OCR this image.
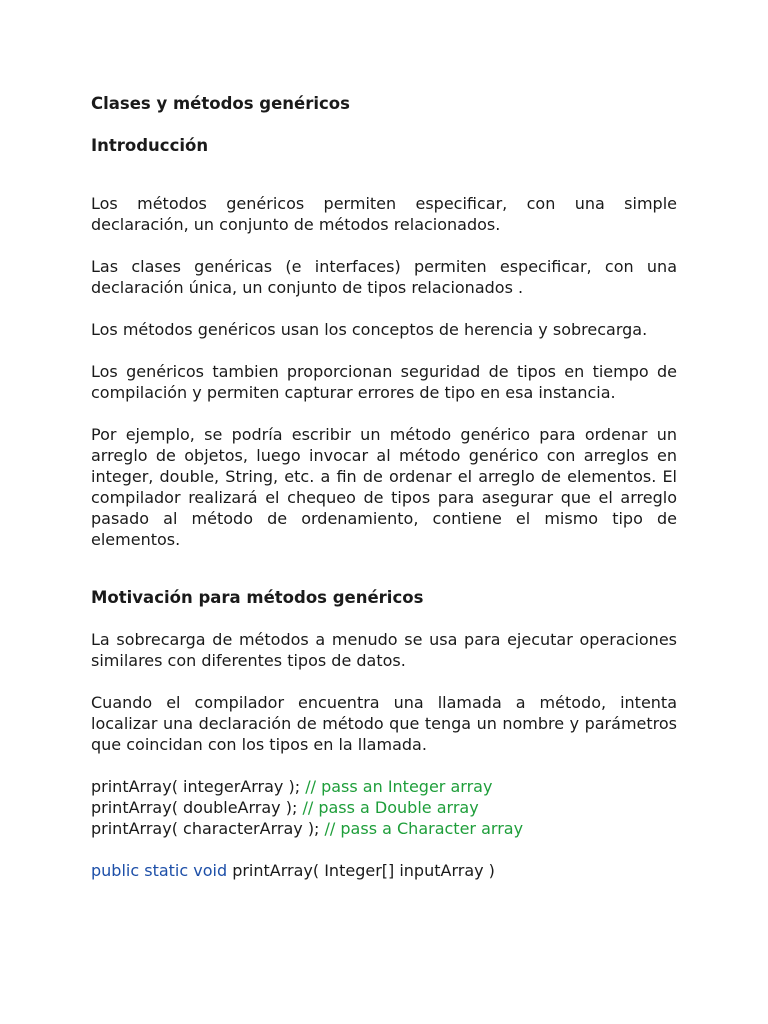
Clases y métodos genéricos
Introducción

Los métodos genéricos permiten especificar, con una simple declaración, un conjunto de métodos relacionados.

Las clases genéricas (e interfaces) permiten especificar, con una declaración única, un conjunto de tipos relacionados .

Los métodos genéricos usan los conceptos de herencia y sobrecarga.

Los genéricos tambien proporcionan seguridad de tipos en tiempo de compilación y permiten capturar errores de tipo en esa instancia.

Por ejemplo, se podría escribir un método genérico para ordenar un arreglo de objetos, luego invocar al método genérico con arreglos en integer, double, String, etc. a fin de ordenar el arreglo de elementos. El compilador realizará el chequeo de tipos para asegurar que el arreglo pasado al método de ordenamiento, contiene el mismo tipo de elementos.

Motivación para métodos genéricos

La sobrecarga de métodos a menudo se usa para ejecutar operaciones similares con diferentes tipos de datos.

Cuando el compilador encuentra una llamada a método, intenta localizar una declaración de método que tenga un nombre y parámetros que coincidan con los tipos en la llamada.

printArray( integerArray ); // pass an Integer array
printArray( doubleArray ); // pass a Double array
printArray( characterArray ); // pass a Character array
public static void printArray( Integer[] inputArray )
